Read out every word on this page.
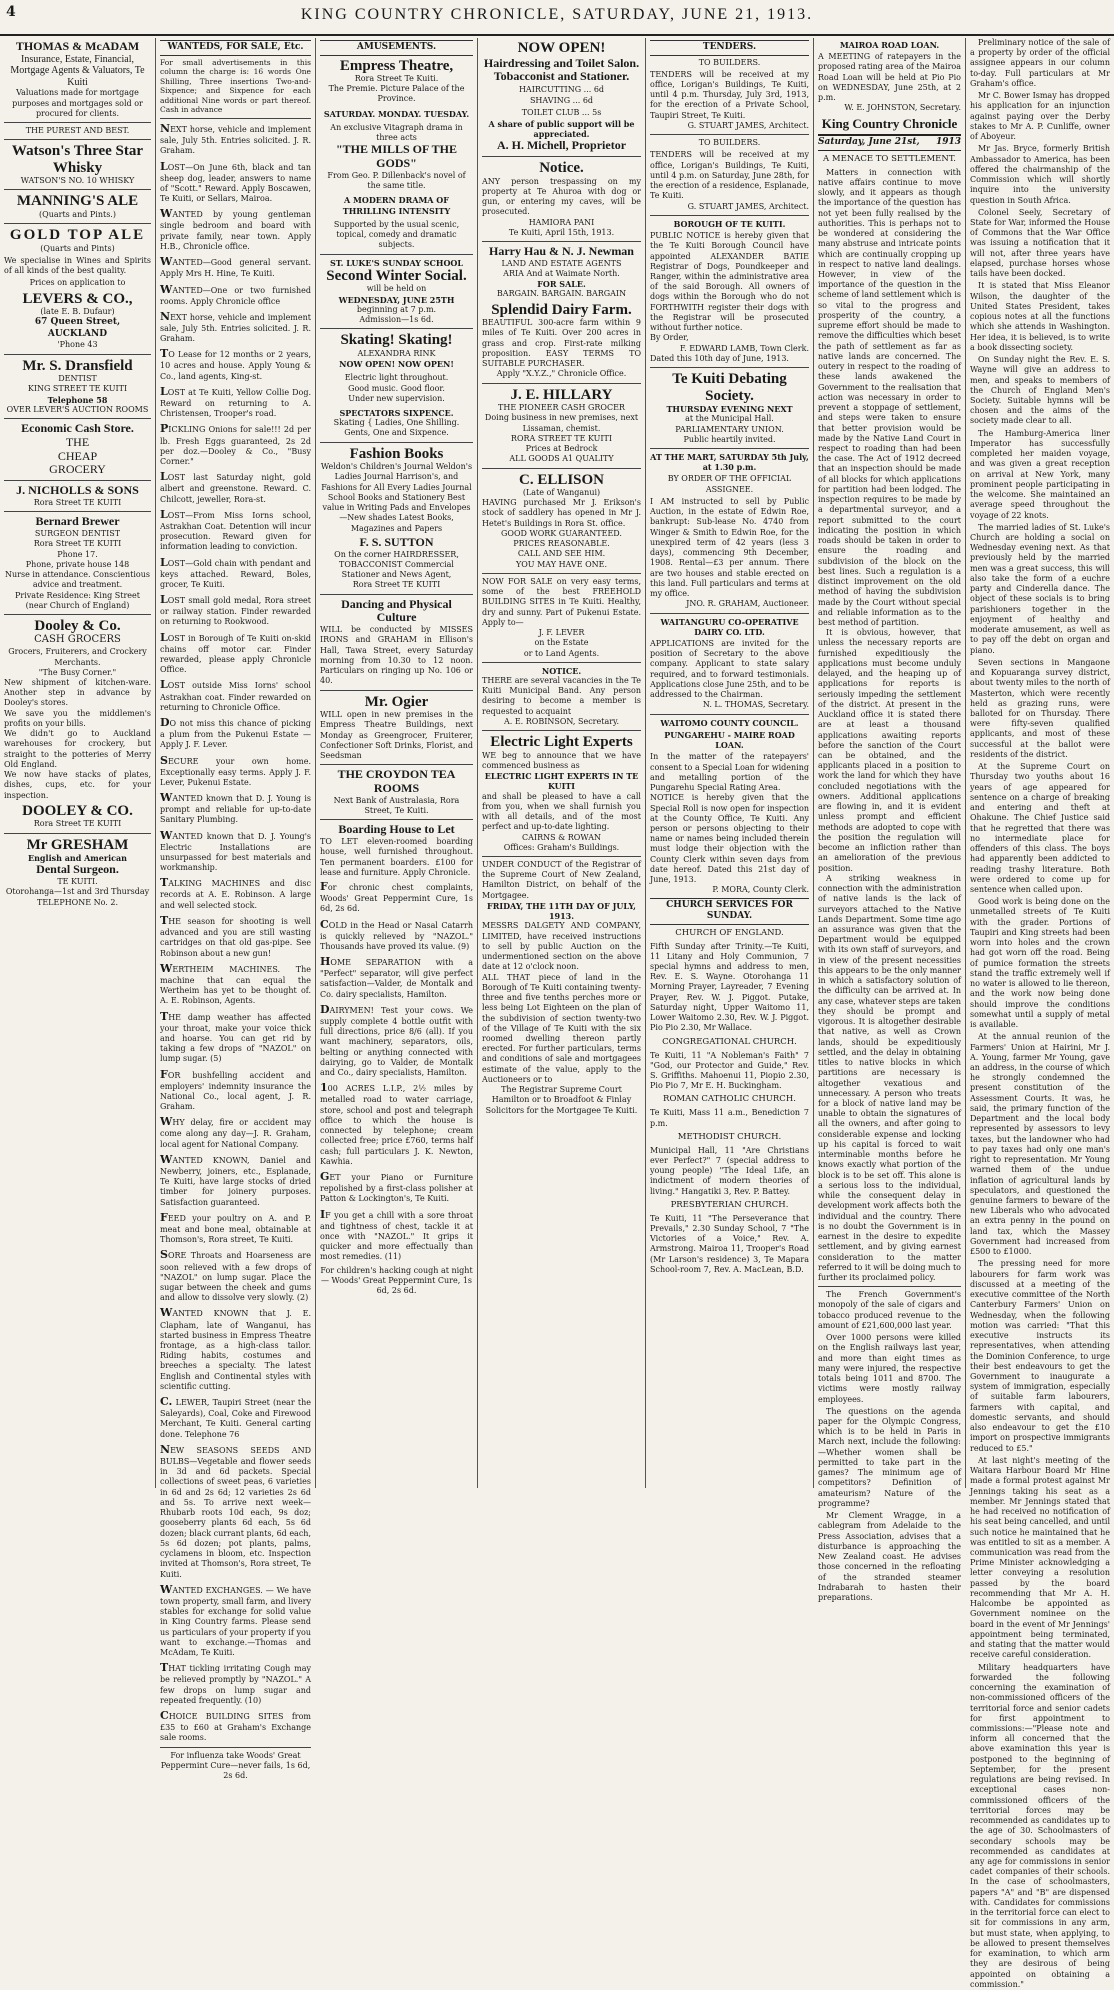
4	KING COUNTRY CHRONICLE, SATURDAY, JUNE 21, 1913.
THOMAS & McADAM
Insurance, Estate, Financial, Mortgage Agents & Valuators, Te Kuiti
Valuations made for mortgage purposes and mortgages sold or procured for clients.
THE PUREST AND BEST.
Watson's Three Star Whisky
WATSON'S NO. 10 WHISKY
MANNING'S ALE
(Quarts and Pints.)
GOLD TOP ALE
(Quarts and Pints)
We specialise in Wines and Spirits of all kinds of the best quality.
Prices on application to
LEVERS & CO.,
(late E. B. Dufaur)
67 Queen Street, AUCKLAND
'Phone 43
Mr. S. Dransfield
DENTIST
KING STREET TE KUITI
Telephone 58
OVER LEVER'S AUCTION ROOMS
Economic Cash Store.
THE
CHEAP
GROCERY
J. NICHOLLS & SONS
Rora Street TE KUITI
Bernard Brewer
SURGEON DENTIST
Rora Street TE KUITI
Phone 17.
Phone, private house 148
Nurse in attendance. Conscientious advice and treatment.
Private Residence: King Street (near Church of England)
Dooley & Co.
CASH GROCERS
Grocers, Fruiterers, and Crockery Merchants.
"The Busy Corner."
New shipment of kitchen-ware. Another step in advance by Dooley's stores.
We save you the middlemen's profits on your bills.
We didn't go to Auckland warehouses for crockery, but straight to the potteries of Merry Old England.
We now have stacks of plates, dishes, cups, etc. for your inspection.
DOOLEY & CO.
Rora Street TE KUITI
Mr GRESHAM
English and American
Dental Surgeon.
TE KUITI.
Otorohanga—1st and 3rd Thursday
TELEPHONE No. 2.
WANTEDS, FOR SALE, Etc.
For small advertisements in this column the charge is: 16 words One Shilling, Three insertions Two-and-Sixpence; and Sixpence for each additional Nine words or part thereof. Cash in advance
NEXT horse, vehicle and implement sale, July 5th. Entries solicited. J. R. Graham.
LOST—On June 6th, black and tan sheep dog, leader, answers to name of "Scott." Reward. Apply Boscawen, Te Kuiti, or Sellars, Mairoa.
WANTED by young gentleman single bedroom and board with private family, near town. Apply H.B., Chronicle office.
WANTED—Good general servant. Apply Mrs H. Hine, Te Kuiti.
WANTED—One or two furnished rooms. Apply Chronicle office
NEXT horse, vehicle and implement sale, July 5th. Entries solicited. J. R. Graham.
TO Lease for 12 months or 2 years, 10 acres and house. Apply Young & Co., land agents, King-st.
LOST at Te Kuiti, Yellow Collie Dog. Reward on returning to A. Christensen, Trooper's road.
PICKLING Onions for sale!!! 2d per lb. Fresh Eggs guaranteed, 2s 2d per doz.—Dooley & Co., "Busy Corner."
LOST last Saturday night, gold albert and greenstone. Reward. C. Chilcott, jeweller, Rora-st.
LOST—From Miss Iorns school, Astrakhan Coat. Detention will incur prosecution. Reward given for information leading to conviction.
LOST—Gold chain with pendant and keys attached. Reward, Boles, grocer, Te Kuiti.
LOST small gold medal, Rora street or railway station. Finder rewarded on returning to Rookwood.
LOST in Borough of Te Kuiti on-skid chains off motor car. Finder rewarded, please apply Chronicle Office.
LOST outside Miss Iorns' school Astrakhan coat. Finder rewarded on returning to Chronicle Office.
DO not miss this chance of picking a plum from the Pukenui Estate —Apply J. F. Lever.
SECURE your own home. Exceptionally easy terms. Apply J. F. Lever, Pukenui Estate.
WANTED known that D. J. Young is prompt and reliable for up-to-date Sanitary Plumbing.
WANTED known that D. J. Young's Electric Installations are unsurpassed for best materials and workmanship.
TALKING MACHINES and disc records at A. E. Robinson. A large and well selected stock.
THE season for shooting is well advanced and you are still wasting cartridges on that old gas-pipe. See Robinson about a new gun!
WERTHEIM MACHINES. The machine that can equal the Wertheim has yet to be thought of. A. E. Robinson, Agents.
THE damp weather has affected your throat, make your voice thick and hoarse. You can get rid by taking a few drops of "NAZOL" on lump sugar. (5)
FOR bushfelling accident and employers' indemnity insurance the National Co., local agent, J. R. Graham.
WHY delay, fire or accident may come along any day—J. R. Graham, local agent for National Company.
WANTED KNOWN, Daniel and Newberry, joiners, etc., Esplanade, Te Kuiti, have large stocks of dried timber for joinery purposes. Satisfaction guaranteed.
FEED your poultry on A. and P. meat and bone meal, obtainable at Thomson's, Rora street, Te Kuiti.
SORE Throats and Hoarseness are soon relieved with a few drops of "NAZOL" on lump sugar. Place the sugar between the cheek and gums and allow to dissolve very slowly. (2)
WANTED KNOWN that J. E. Clapham, late of Wanganui, has started business in Empress Theatre frontage, as a high-class tailor. Riding habits, costumes and breeches a specialty. The latest English and Continental styles with scientific cutting.
C. LEWER, Taupiri Street (near the Saleyards), Coal, Coke and Firewood Merchant, Te Kuiti. General carting done. Telephone 76
NEW SEASONS SEEDS AND BULBS—Vegetable and flower seeds in 3d and 6d packets. Special collections of sweet peas, 6 varieties in 6d and 2s 6d; 12 varieties 2s 6d and 5s. To arrive next week—Rhubarb roots 10d each, 9s doz; gooseberry plants 6d each, 5s 6d dozen; black currant plants, 6d each, 5s 6d dozen; pot plants, palms, cyclamens in bloom, etc. Inspection invited at Thomson's, Rora street, Te Kuiti.
WANTED EXCHANGES. — We have town property, small farm, and livery stables for exchange for solid value in King Country farms. Please send us particulars of your property if you want to exchange.—Thomas and McAdam, Te Kuiti.
THAT tickling irritating Cough may be relieved promptly by "NAZOL." A few drops on lump sugar and repeated frequently. (10)
CHOICE BUILDING SITES from £35 to £60 at Graham's Exchange sale rooms.
For influenza take Woods' Great Peppermint Cure—never fails, 1s 6d, 2s 6d.
AMUSEMENTS.
Empress Theatre,
Rora Street Te Kuiti.
The Premie. Picture Palace of the Province.
SATURDAY. MONDAY. TUESDAY.
An exclusive Vitagraph drama in three acts
"THE MILLS OF THE GODS"
From Geo. P. Dillenback's novel of the same title.
A MODERN DRAMA OF THRILLING INTENSITY
Supported by the usual scenic, topical, comedy and dramatic subjects.
ST. LUKE'S SUNDAY SCHOOL
Second Winter Social.
will be held on
WEDNESDAY, JUNE 25TH
beginning at 7 p.m.
Admission—1s 6d.
Skating! Skating!
ALEXANDRA RINK
NOW OPEN! NOW OPEN!
Electric light throughout.
Good music. Good floor.
Under new supervision.
SPECTATORS SIXPENCE.
Skating { Ladies, One Shilling. Gents, One and Sixpence.
Fashion Books
Weldon's Children's Journal Weldon's Ladies Journal Harrison's, and Fashions for All Every Ladies Journal School Books and Stationery Best value in Writing Pads and Envelopes—New shades Latest Books, Magazines and Papers
F. S. SUTTON
On the corner HAIRDRESSER, TOBACCONIST Commercial Stationer and News Agent,
Rora Street TE KUITI
Dancing and Physical Culture
WILL be conducted by MISSES IRONS and GRAHAM in Ellison's Hall, Tawa Street, every Saturday morning from 10.30 to 12 noon. Particulars on ringing up No. 106 or 40.
Mr. Ogier
WILL open in new premises in the Empress Theatre Buildings, next Monday as Greengrocer, Fruiterer, Confectioner Soft Drinks, Florist, and Seedsman
THE CROYDON TEA ROOMS
Next Bank of Australasia, Rora Street, Te Kuiti.
Boarding House to Let
TO LET eleven-roomed boarding house, well furnished throughout. Ten permanent boarders. £100 for lease and furniture. Apply Chronicle.
For chronic chest complaints, Woods' Great Peppermint Cure, 1s 6d, 2s 6d.
COLD in the Head or Nasal Catarrh is quickly relieved by "NAZOL." Thousands have proved its value. (9)
HOME SEPARATION with a "Perfect" separator, will give perfect satisfaction—Valder, de Montalk and Co. dairy specialists, Hamilton.
DAIRYMEN! Test your cows. We supply complete 4 bottle outfit with full directions, price 8/6 (all). If you want machinery, separators, oils, belting or anything connected with dairying, go to Valder, de Montalk and Co., dairy specialists, Hamilton.
100 ACRES L.I.P., 2½ miles by metalled road to water carriage, store, school and post and telegraph office to which the house is connected by telephone; cream collected free; price £760, terms half cash; full particulars J. K. Newton, Kawhia.
GET your Piano or Furniture repolished by a first-class polisher at Patton & Lockington's, Te Kuiti.
IF you get a chill with a sore throat and tightness of chest, tackle it at once with "NAZOL." It grips it quicker and more effectually than most remedies. (11)
For children's hacking cough at night — Woods' Great Peppermint Cure, 1s 6d, 2s 6d.
NOW OPEN!
Hairdressing and Toilet Salon.
Tobacconist and Stationer.
HAIRCUTTING ... 6d
SHAVING ... 6d
TOILET CLUB ... 5s
A share of public support will be appreciated.
A. H. Michell, Proprietor
Notice.
ANY person trespassing on my property at Te Ahuroa with dog or gun, or entering my caves, will be prosecuted.
HAMIORA PANI
Te Kuiti, April 15th, 1913.
Harry Hau & N. J. Newman
LAND AND ESTATE AGENTS
ARIA And at Waimate North.
FOR SALE.
BARGAIN. BARGAIN. BARGAIN
Splendid Dairy Farm.
BEAUTIFUL 300-acre farm within 9 miles of Te Kuiti. Over 200 acres in grass and crop. First-rate milking proposition. EASY TERMS TO SUITABLE PURCHASER.
Apply "X.Y.Z.," Chronicle Office.
J. E. HILLARY
THE PIONEER CASH GROCER
Doing business in new premises, next Lissaman, chemist.
RORA STREET TE KUITI
Prices at Bedrock
ALL GOODS A1 QUALITY
C. ELLISON
(Late of Wanganui)
HAVING purchased Mr J. Erikson's stock of saddlery has opened in Mr J. Hetet's Buildings in Rora St. office.
GOOD WORK GUARANTEED.
PRICES REASONABLE.
CALL AND SEE HIM.
YOU MAY HAVE ONE.
NOW FOR SALE on very easy terms, some of the best FREEHOLD BUILDING SITES in Te Kuiti. Healthy, dry and sunny. Part of Pukenui Estate. Apply to—
J. F. LEVER
on the Estate
or to Land Agents.
NOTICE.
THERE are several vacancies in the Te Kuiti Municipal Band. Any person desiring to become a member is requested to acquaint
A. E. ROBINSON, Secretary.
Electric Light Experts
WE beg to announce that we have commenced business as
ELECTRIC LIGHT EXPERTS IN TE KUITI
and shall be pleased to have a call from you, when we shall furnish you with all details, and of the most perfect and up-to-date lighting.
CAIRNS & ROWAN
Offices: Graham's Buildings.
UNDER CONDUCT of the Registrar of the Supreme Court of New Zealand, Hamilton District, on behalf of the Mortgagee.
FRIDAY, THE 11TH DAY OF JULY, 1913.
MESSRS DALGETY AND COMPANY, LIMITED, have received instructions to sell by public Auction on the undermentioned section on the above date at 12 o'clock noon.
ALL THAT piece of land in the Borough of Te Kuiti containing twenty-three and five tenths perches more or less being Lot Eighteen on the plan of the subdivision of section twenty-two of the Village of Te Kuiti with the six roomed dwelling thereon partly erected. For further particulars, terms and conditions of sale and mortgagees estimate of the value, apply to the Auctioneers or to
The Registrar Supreme Court Hamilton or to Broadfoot & Finlay Solicitors for the Mortgagee Te Kuiti.
TENDERS.
TO BUILDERS.
TENDERS will be received at my office, Lorigan's Buildings, Te Kuiti, until 4 p.m. Thursday, July 3rd, 1913, for the erection of a Private School, Taupiri Street, Te Kuiti.
G. STUART JAMES, Architect.
TO BUILDERS.
TENDERS will be received at my office, Lorigan's Buildings, Te Kuiti, until 4 p.m. on Saturday, June 28th, for the erection of a residence, Esplanade, Te Kuiti.
G. STUART JAMES, Architect.
BOROUGH OF TE KUITI.
PUBLIC NOTICE is hereby given that the Te Kuiti Borough Council have appointed ALEXANDER BATIE Registrar of Dogs, Poundkeeper and Ranger, within the administrative area of the said Borough. All owners of dogs within the Borough who do not FORTHWITH register their dogs with the Registrar will be prosecuted without further notice.
By Order,
F. EDWARD LAMB, Town Clerk.
Dated this 10th day of June, 1913.
Te Kuiti Debating Society.
THURSDAY EVENING NEXT
at the Municipal Hall.
PARLIAMENTARY UNION.
Public heartily invited.
AT THE MART, SATURDAY 5th July, at 1.30 p.m.
BY ORDER OF THE OFFICIAL ASSIGNEE.
I AM instructed to sell by Public Auction, in the estate of Edwin Roe, bankrupt: Sub-lease No. 4740 from Winger & Smith to Edwin Roe, for the unexpired term of 42 years (less 3 days), commencing 9th December, 1908. Rental—£3 per annum. There are two houses and stable erected on this land. Full particulars and terms at my office.
JNO. R. GRAHAM, Auctioneer.
WAITANGURU CO-OPERATIVE DAIRY CO. LTD.
APPLICATIONS are invited for the position of Secretary to the above company. Applicant to state salary required, and to forward testimonials. Applications close June 25th, and to be addressed to the Chairman.
N. L. THOMAS, Secretary.
WAITOMO COUNTY COUNCIL.
PUNGAREHU - MAIRE ROAD LOAN.
In the matter of the ratepayers' consent to a Special Loan for widening and metalling portion of the Pungarehu Special Rating Area.
NOTICE is hereby given that the Special Roll is now open for inspection at the County Office, Te Kuiti. Any person or persons objecting to their name or names being included therein must lodge their objection with the County Clerk within seven days from date hereof. Dated this 21st day of June, 1913.
P. MORA, County Clerk.
CHURCH SERVICES FOR SUNDAY.
CHURCH OF ENGLAND.
Fifth Sunday after Trinity.—Te Kuiti, 11 Litany and Holy Communion, 7 special hymns and address to men, Rev. E. S. Wayne. Otorohanga 11 Morning Prayer, Layreader, 7 Evening Prayer, Rev. W. J. Piggot. Putake, Saturday night, Upper Waitomo 11, Lower Waitomo 2.30, Rev. W. J. Piggot. Pio Pio 2.30, Mr Wallace.
CONGREGATIONAL CHURCH.
Te Kuiti, 11 "A Nobleman's Faith" 7 "God, our Protector and Guide," Rev. S. Griffiths. Mahoenui 11, Piopio 2.30, Pio Pio 7, Mr E. H. Buckingham.
ROMAN CATHOLIC CHURCH.
Te Kuiti, Mass 11 a.m., Benediction 7 p.m.
METHODIST CHURCH.
Municipal Hall, 11 "Are Christians ever Perfect?" 7 (special address to young people) "The Ideal Life, an indictment of modern theories of living." Hangatiki 3, Rev. P. Battey.
PRESBYTERIAN CHURCH.
Te Kuiti, 11 "The Perseverance that Prevails," 2.30 Sunday School, 7 "The Victories of a Voice," Rev. A. Armstrong. Mairoa 11, Trooper's Road (Mr Larson's residence) 3, Te Mapara School-room 7, Rev. A. MacLean, B.D.
MAIROA ROAD LOAN.
A MEETING of ratepayers in the proposed rating area of the Mairoa Road Loan will be held at Pio Pio on WEDNESDAY, June 25th, at 2 p.m.
W. E. JOHNSTON, Secretary.
King Country Chronicle
Saturday, June 21st, 1913
A MENACE TO SETTLEMENT.
Matters in connection with native affairs continue to move slowly, and it appears as though the importance of the question has not yet been fully realised by the authorities. This is perhaps not to be wondered at considering the many abstruse and intricate points which are continually cropping up in respect to native land dealings. However, in view of the importance of the question in the scheme of land settlement which is so vital to the progress and prosperity of the country, a supreme effort should be made to remove the difficulties which beset the path of settlement as far as native lands are concerned. The outery in respect to the roading of these lands awakened the Government to the realisation that action was necessary in order to prevent a stoppage of settlement, and steps were taken to ensure that better provision would be made by the Native Land Court in respect to roading than had been the case. The Act of 1912 decreed that an inspection should be made of all blocks for which applications for partition had been lodged. The inspection requires to be made by a departmental surveyor, and a report submitted to the court indicating the position in which roads should be taken in order to ensure the roading and subdivision of the block on the best lines. Such a regulation is a distinct improvement on the old method of having the subdivision made by the Court without special and reliable information as to the best method of partition.
It is obvious, however, that unless the necessary reports are furnished expeditiously the applications must become unduly delayed, and the heaping up of applications for reports is seriously impeding the settlement of the district. At present in the Auckland office it is stated there are at least a thousand applications awaiting reports before the sanction of the Court can be obtained, and the applicants placed in a position to work the land for which they have concluded negotiations with the owners. Additional applications are flowing in, and it is evident unless prompt and efficient methods are adopted to cope with the position the regulation will become an infliction rather than an amelioration of the previous position.
A striking weakness in connection with the administration of native lands is the lack of surveyors attached to the Native Lands Department. Some time ago an assurance was given that the Department would be equipped with its own staff of surveyors, and in view of the present necessities this appears to be the only manner in which a satisfactory solution of the difficulty can be arrived at. In any case, whatever steps are taken they should be prompt and vigorous. It is altogether desirable that native, as well as Crown lands, should be expeditiously settled, and the delay in obtaining titles to native blocks in which partitions are necessary is altogether vexatious and unnecessary. A person who treats for a block of native land may be unable to obtain the signatures of all the owners, and after going to considerable expense and locking up his capital is forced to wait interminable months before he knows exactly what portion of the block is to be set off. This alone is a serious loss to the individual, while the consequent delay in development work affects both the individual and the country. There is no doubt the Government is in earnest in the desire to expedite settlement, and by giving earnest consideration to the matter referred to it will be doing much to further its proclaimed policy.
The French Government's monopoly of the sale of cigars and tobacco produced revenue to the amount of £21,600,000 last year.
Over 1000 persons were killed on the English railways last year, and more than eight times as many were injured, the respective totals being 1011 and 8700. The victims were mostly railway employees.
The questions on the agenda paper for the Olympic Congress, which is to be held in Paris in March next, include the following:—Whether women shall be permitted to take part in the games? The minimum age of competitors? Definition of amateurism? Nature of the programme?
Mr Clement Wragge, in a cablegram from Adelaide to the Press Association, advises that a disturbance is approaching the New Zealand coast. He advises those concerned in the refloating of the stranded steamer Indrabarah to hasten their preparations.
Preliminary notice of the sale of a property by order of the official assignee appears in our column to-day. Full particulars at Mr Graham's office.
Mr C. Bower Ismay has dropped his application for an injunction against paying over the Derby stakes to Mr A. P. Cunliffe, owner of Aboyeur.
Mr Jas. Bryce, formerly British Ambassador to America, has been offered the chairmanship of the Commission which will shortly inquire into the university question in South Africa.
Colonel Seely, Secretary of State for War, informed the House of Commons that the War Office was issuing a notification that it will not, after three years have elapsed, purchase horses whose tails have been docked.
It is stated that Miss Eleanor Wilson, the daughter of the United States President, takes copious notes at all the functions which she attends in Washington. Her idea, it is believed, is to write a book dissecting society.
On Sunday night the Rev. E. S. Wayne will give an address to men, and speaks to members of the Church of England Men's Society. Suitable hymns will be chosen and the aims of the society made clear to all.
The Hamburg-America liner Imperator has successfully completed her maiden voyage, and was given a great reception on arrival at New York, many prominent people participating in the welcome. She maintained an average speed throughout the voyage of 22 knots.
The married ladies of St. Luke's Church are holding a social on Wednesday evening next. As that previously held by the married men was a great success, this will also take the form of a euchre party and Cinderella dance. The object of these socials is to bring parishioners together in the enjoyment of healthy and moderate amusement, as well as to pay off the debt on organ and piano.
Seven sections in Mangaone and Kopuaranga survey district, about twenty miles to the north of Masterton, which were recently held as grazing runs, were balloted for on Thursday. There were fifty-seven qualified applicants, and most of these successful at the ballot were residents of the district.
At the Supreme Court on Thursday two youths about 16 years of age appeared for sentence on a charge of breaking and entering and theft at Ohakune. The Chief Justice said that he regretted that there was no intermediate place for offenders of this class. The boys had apparently been addicted to reading trashy literature. Both were ordered to come up for sentence when called upon.
Good work is being done on the unmetalled streets of Te Kuiti with the grader. Portions of Taupiri and King streets had been worn into holes and the crown had got worn off the road. Being of pumice formation the streets stand the traffic extremely well if no water is allowed to lie thereon, and the work now being done should improve the conditions somewhat until a supply of metal is available.
At the annual reunion of the Farmers' Union at Hairini, Mr J. A. Young, farmer Mr Young, gave an address, in the course of which he strongly condemned the present constitution of the Assessment Courts. It was, he said, the primary function of the Department and the local body represented by assessors to levy taxes, but the landowner who had to pay taxes had only one man's right to representation. Mr Young warned them of the undue inflation of agricultural lands by speculators, and questioned the genuine farmers to beware of the new Liberals who who advocated an extra penny in the pound on land tax, which the Massey Government had increased from £500 to £1000.
The pressing need for more labourers for farm work was discussed at a meeting of the executive committee of the North Canterbury Farmers' Union on Wednesday, when the following motion was carried: "That this executive instructs its representatives, when attending the Dominion Conference, to urge their best endeavours to get the Government to inaugurate a system of immigration, especially of suitable farm labourers, farmers with capital, and domestic servants, and should also endeavour to get the £10 import on prospective immigrants reduced to £5."
At last night's meeting of the Waitara Harbour Board Mr Hine made a formal protest against Mr Jennings taking his seat as a member. Mr Jennings stated that he had received no notification of his seat being cancelled, and until such notice he maintained that he was entitled to sit as a member. A communication was read from the Prime Minister acknowledging a letter conveying a resolution passed by the board recommending that Mr A. H. Halcombe be appointed as Government nominee on the board in the event of Mr Jennings' appointment being terminated, and stating that the matter would receive careful consideration.
Military headquarters have forwarded the following concerning the examination of non-commissioned officers of the territorial force and senior cadets for first appointment to commissions:—"Please note and inform all concerned that the above examination this year is postponed to the beginning of September, for the present regulations are being revised. In exceptional cases non-commissioned officers of the territorial forces may be recommended as candidates up to the age of 30. Schoolmasters of secondary schools may be recommended as candidates at any age for commissions in senior cadet companies of their schools. In the case of schoolmasters, papers "A" and "B" are dispensed with. Candidates for commissions in the territorial force can elect to sit for commissions in any arm, but must state, when applying, to be allowed to present themselves for examination, to which arm they are desirous of being appointed on obtaining a commission."
